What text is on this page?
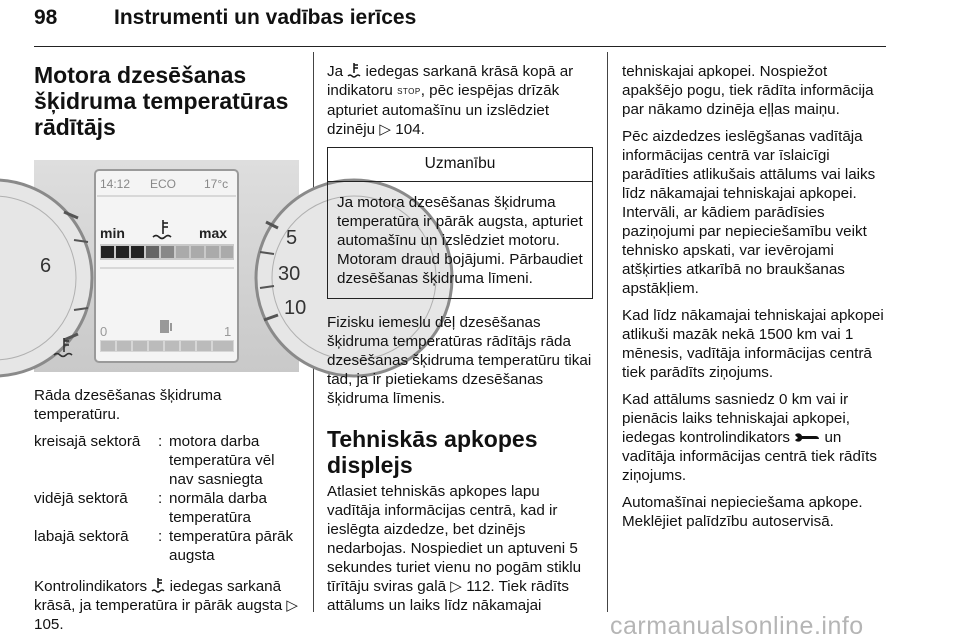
98	Instrumenti un vadības ierīces
Motora dzesēšanas šķidruma temperatūras rādītājs
6
5
30
10
14:12 ECO 17°c
min	max
0	1

Rāda dzesēšanas šķidruma temperatūru.

kreisajā sektorā	: motora darba temperatūra vēl nav sasniegta
vidējā sektorā	: normāla darba temperatūra
labajā sektorā	: temperatūra pārāk augsta

Kontrolindikators iedegas sarkanā krāsā, ja temperatūra ir pārāk augsta ▷ 105.

Ja iedegas sarkanā krāsā kopā ar indikatoru STOP, pēc iespējas drīzāk apturiet automašīnu un izslēdziet dzinēju ▷ 104.

Uzmanību

Ja motora dzesēšanas šķidruma temperatūra ir pārāk augsta, apturiet automašīnu un izslēdziet motoru. Motoram draud bojājumi. Pārbaudiet dzesēšanas šķidruma līmeni.

Fizisku iemeslu dēļ dzesēšanas šķidruma temperatūras rādītājs rāda dzesēšanas šķidruma temperatūru tikai tad, ja ir pietiekams dzesēšanas šķidruma līmenis.

Tehniskās apkopes displejs

Atlasiet tehniskās apkopes lapu vadītāja informācijas centrā, kad ir ieslēgta aizdedze, bet dzinējs nedarbojas. Nospiediet un aptuveni 5 sekundes turiet vienu no pogām stiklu tīrītāju sviras galā ▷ 112. Tiek rādīts attālums un laiks līdz nākamajai

tehniskajai apkopei. Nospiežot apakšējo pogu, tiek rādīta informācija par nākamo dzinēja eļļas maiņu.

Pēc aizdedzes ieslēgšanas vadītāja informācijas centrā var īslaicīgi parādīties atlikušais attālums vai laiks līdz nākamajai tehniskajai apkopei. Intervāli, ar kādiem parādīsies paziņojumi par nepieciešamību veikt tehnisko apskati, var ievērojami atšķirties atkarībā no braukšanas apstākļiem.

Kad līdz nākamajai tehniskajai apkopei atlikuši mazāk nekā 1500 km vai 1 mēnesis, vadītāja informācijas centrā tiek parādīts ziņojums.

Kad attālums sasniedz 0 km vai ir pienācis laiks tehniskajai apkopei, iedegas kontrolindikators un vadītāja informācijas centrā tiek rādīts ziņojums.

Automašīnai nepieciešama apkope. Meklējiet palīdzību autoservisā.

carmanualsonline.info
